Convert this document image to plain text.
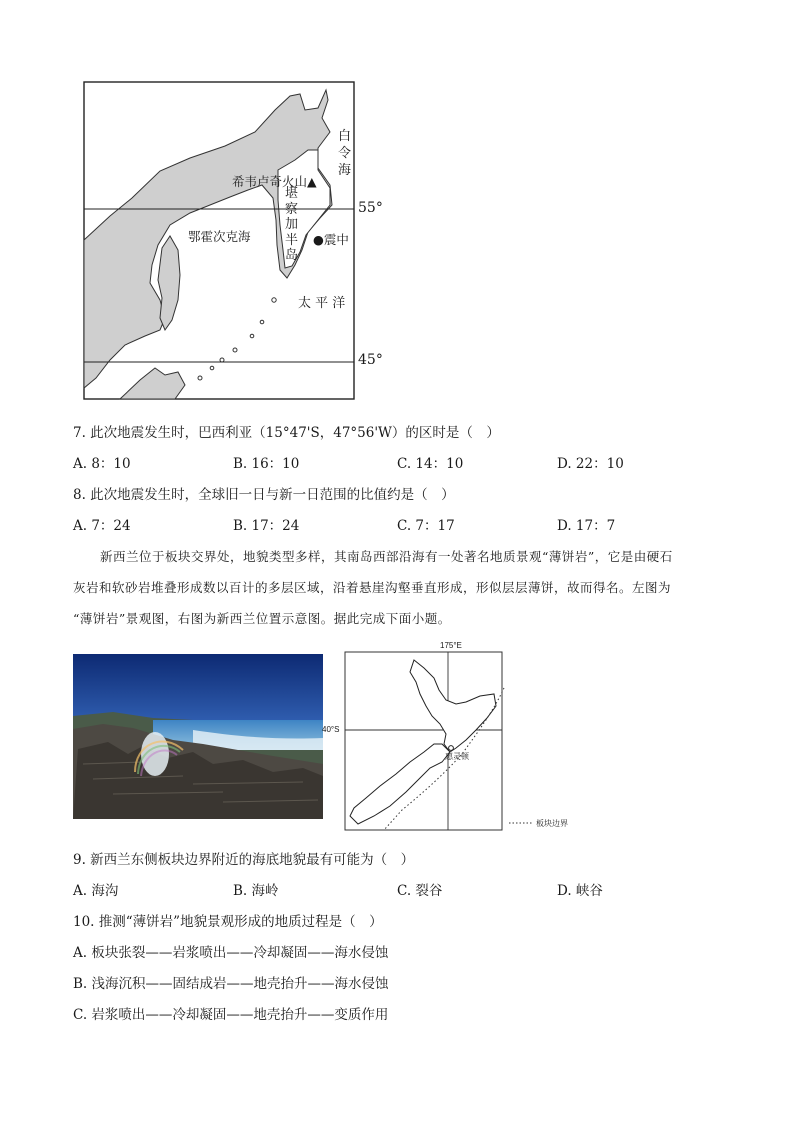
55°
45°
白
令
海
希韦卢奇火山▲
堪
察
加
半
岛
●震中
鄂霍次克海
太 平 洋
7. 此次地震发生时，巴西利亚（15°47'S，47°56'W）的区时是（　）
A. 8：10	B. 16：10	C. 14：10	D. 22：10
8. 此次地震发生时，全球旧一日与新一日范围的比值约是（　）
A. 7：24	B. 17：24	C. 7：17	D. 17：7
新西兰位于板块交界处，地貌类型多样，其南岛西部沿海有一处著名地质景观“薄饼岩”，它是由硬石
灰岩和软砂岩堆叠形成数以百计的多层区域，沿着悬崖沟壑垂直形成，形似层层薄饼，故而得名。左图为
“薄饼岩”景观图，右图为新西兰位置示意图。据此完成下面小题。
175°E
40°S
惠灵顿
板块边界
9. 新西兰东侧板块边界附近的海底地貌最有可能为（　）
A. 海沟	B. 海岭	C. 裂谷	D. 峡谷
10. 推测“薄饼岩”地貌景观形成的地质过程是（　）
A. 板块张裂——岩浆喷出——冷却凝固——海水侵蚀
B. 浅海沉积——固结成岩——地壳抬升——海水侵蚀
C. 岩浆喷出——冷却凝固——地壳抬升——变质作用
